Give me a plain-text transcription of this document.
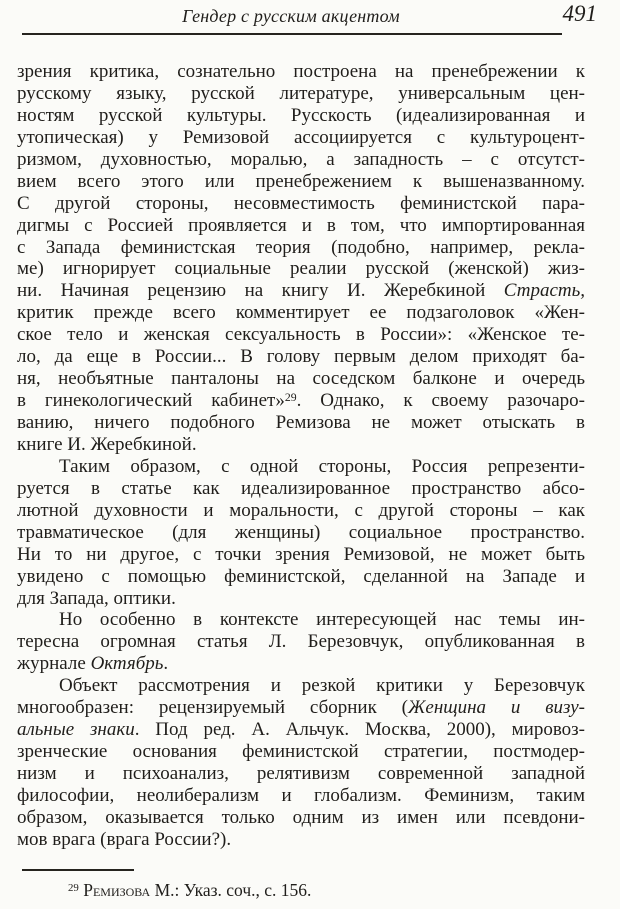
Гендер с русским акцентом	491
зрения критика, сознательно построена на пренебрежении к
русскому языку, русской литературе, универсальным цен-
ностям русской культуры. Русскость (идеализированная и
утопическая) у Ремизовой ассоциируется с культуроцент-
ризмом, духовностью, моралью, а западность – с отсутст-
вием всего этого или пренебрежением к вышеназванному.
С другой стороны, несовместимость феминистской пара-
дигмы с Россией проявляется и в том, что импортированная
с Запада феминистская теория (подобно, например, рекла-
ме) игнорирует социальные реалии русской (женской) жиз-
ни. Начиная рецензию на книгу И. Жеребкиной Страсть,
критик прежде всего комментирует ее подзаголовок «Жен-
ское тело и женская сексуальность в России»: «Женское те-
ло, да еще в России... В голову первым делом приходят ба-
ня, необъятные панталоны на соседском балконе и очередь
в гинекологический кабинет»$^{29}$. Однако, к своему разочаро-
ванию, ничего подобного Ремизова не может отыскать в
книге И. Жеребкиной.
Таким образом, с одной стороны, Россия репрезенти-
руется в статье как идеализированное пространство абсо-
лютной духовности и моральности, с другой стороны – как
травматическое (для женщины) социальное пространство.
Ни то ни другое, с точки зрения Ремизовой, не может быть
увидено с помощью феминистской, сделанной на Западе и
для Запада, оптики.
Но особенно в контексте интересующей нас темы ин-
тересна огромная статья Л. Березовчук, опубликованная в
журнале Октябрь.
Объект рассмотрения и резкой критики у Березовчук
многообразен: рецензируемый сборник (Женщина и визу-
альные знаки. Под ред. А. Альчук. Москва, 2000), мировоз-
зренческие основания феминистской стратегии, постмодер-
низм и психоанализ, релятивизм современной западной
философии, неолиберализм и глобализм. Феминизм, таким
образом, оказывается только одним из имен или псевдони-
мов врага (врага России?).
$^{29}$ Ремизова М.: Указ. соч., с. 156.
